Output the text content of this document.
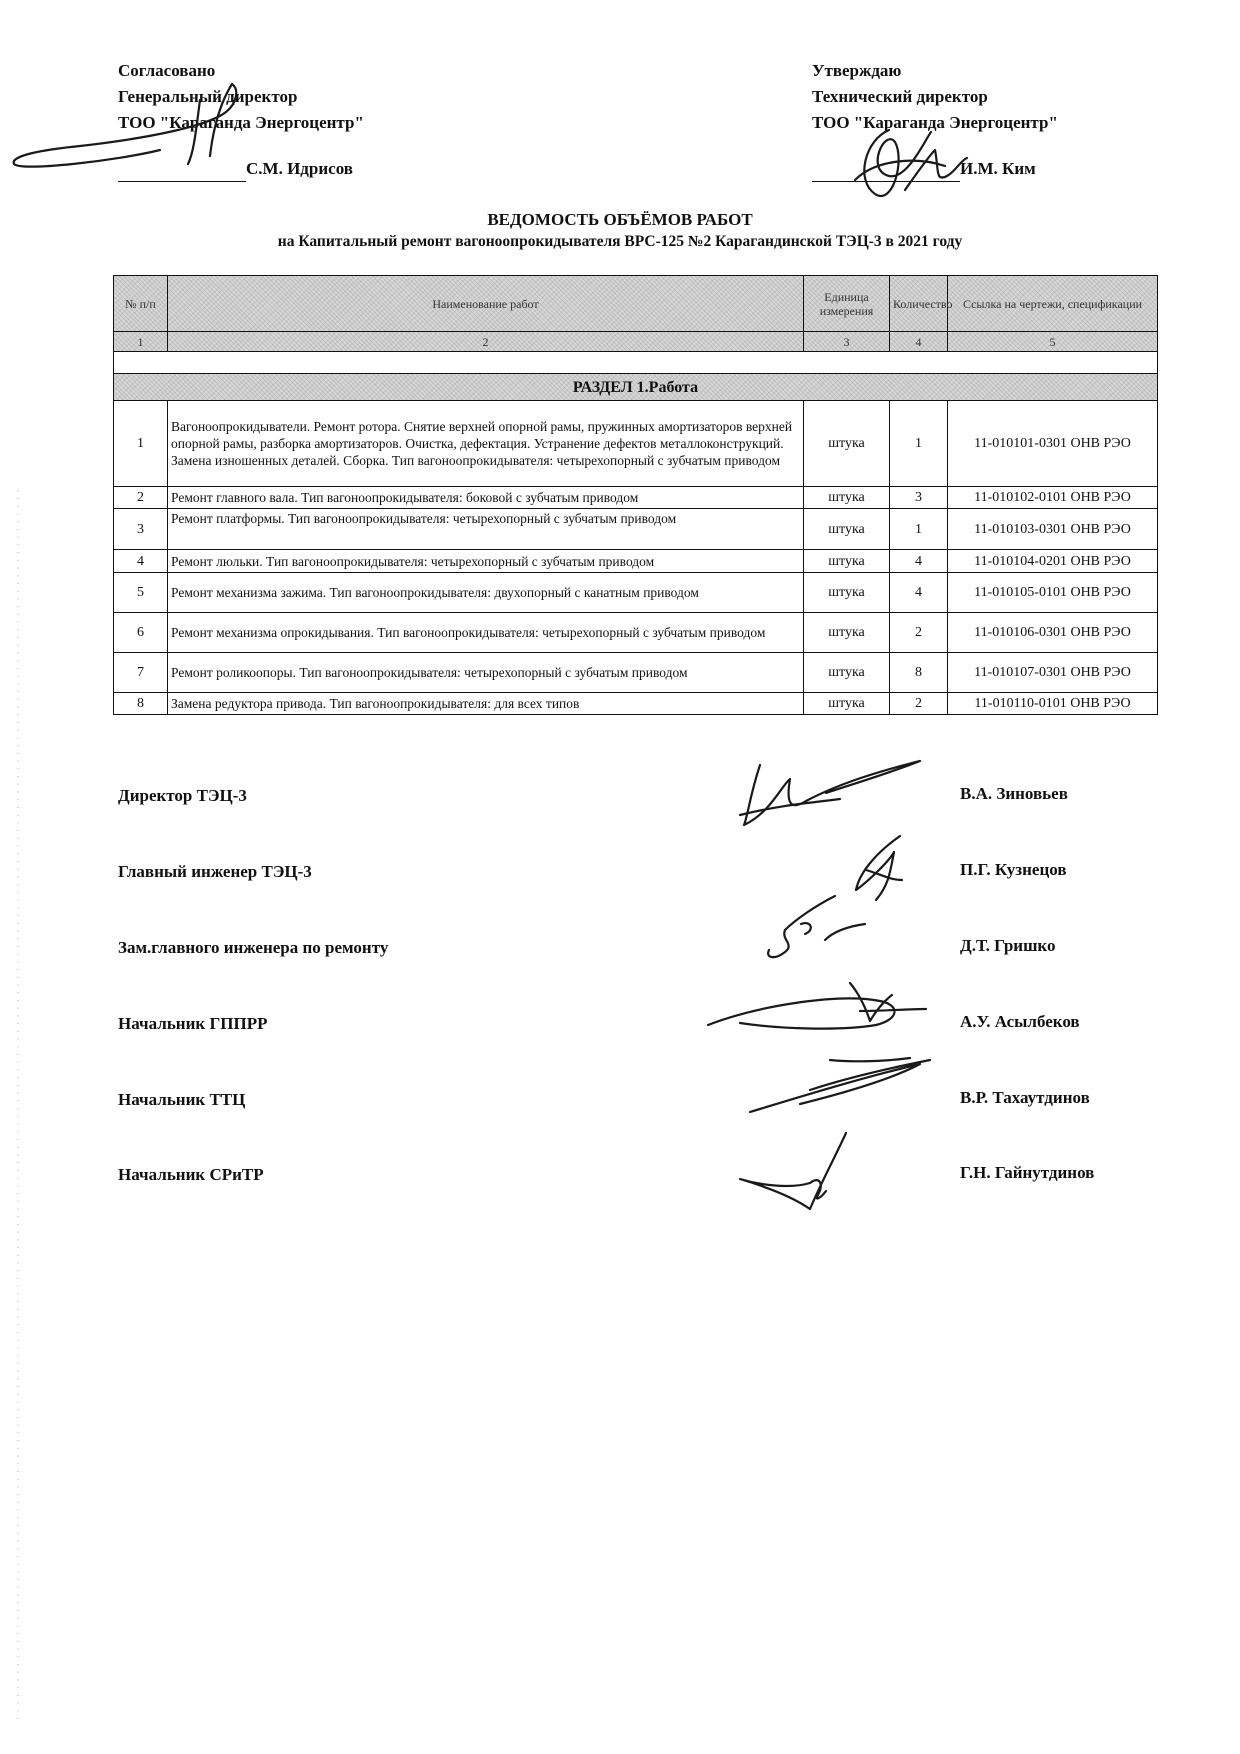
· · · · · · · · · · · · · · · · · · · · · · · · · · · · · · · · · · · · · · · · · · · · · · · · · · · · · · · · · · · · · · · · · · · · · · · · · · · · · · · · · · · · · · · · · · · · · · · · · · · · · · · · · · · · · · · · · · · · · · · · · · · · · · · · · · · · · · · · · · · · · · · · · · · · · · · · · · · · · · · ·
Согласовано
Генеральный директор
ТОО "Караганда Энергоцентр"
С.М. Идрисов
Утверждаю
Технический директор
ТОО "Караганда Энергоцентр"
И.М. Ким
ВЕДОМОСТЬ ОБЪЁМОВ РАБОТ
на Капитальный ремонт вагоноопрокидывателя ВРС-125 №2 Карагандинской ТЭЦ-3 в 2021 году
№ п/п	Наименование работ	Единица измерения	Количество	Ссылка на чертежи, спецификации
1	2	3	4	5

РАЗДЕЛ 1.Работа				
1	Вагоноопрокидыватели. Ремонт ротора. Снятие верхней опорной рамы, пружинных амортизаторов верхней опорной рамы, разборка амортизаторов. Очистка, дефектация. Устранение дефектов металлоконструкций. Замена изношенных деталей. Сборка. Тип вагоноопрокидывателя: четырехопорный с зубчатым приводом	штука	1	11-010101-0301 ОНВ РЭО
2	Ремонт главного вала. Тип вагоноопрокидывателя: боковой с зубчатым приводом	штука	3	11-010102-0101 ОНВ РЭО
3	Ремонт платформы. Тип вагоноопрокидывателя: четырехопорный с зубчатым приводом	штука	1	11-010103-0301 ОНВ РЭО
4	Ремонт люльки. Тип вагоноопрокидывателя: четырехопорный с зубчатым приводом	штука	4	11-010104-0201 ОНВ РЭО
5	Ремонт механизма зажима. Тип вагоноопрокидывателя: двухопорный с канатным приводом	штука	4	11-010105-0101 ОНВ РЭО
6	Ремонт механизма опрокидывания. Тип вагоноопрокидывателя: четырехопорный с зубчатым приводом	штука	2	11-010106-0301 ОНВ РЭО
7	Ремонт роликоопоры. Тип вагоноопрокидывателя: четырехопорный с зубчатым приводом	штука	8	11-010107-0301 ОНВ РЭО
8	Замена редуктора привода. Тип вагоноопрокидывателя: для всех типов	штука	2	11-010110-0101 ОНВ РЭО
Директор ТЭЦ-3	В.А. Зиновьев
Главный инженер ТЭЦ-3	П.Г. Кузнецов
Зам.главного инженера по ремонту	Д.Т. Гришко
Начальник ГППРР	А.У. Асылбеков
Начальник ТТЦ	В.Р. Тахаутдинов
Начальник СРиТР	Г.Н. Гайнутдинов
